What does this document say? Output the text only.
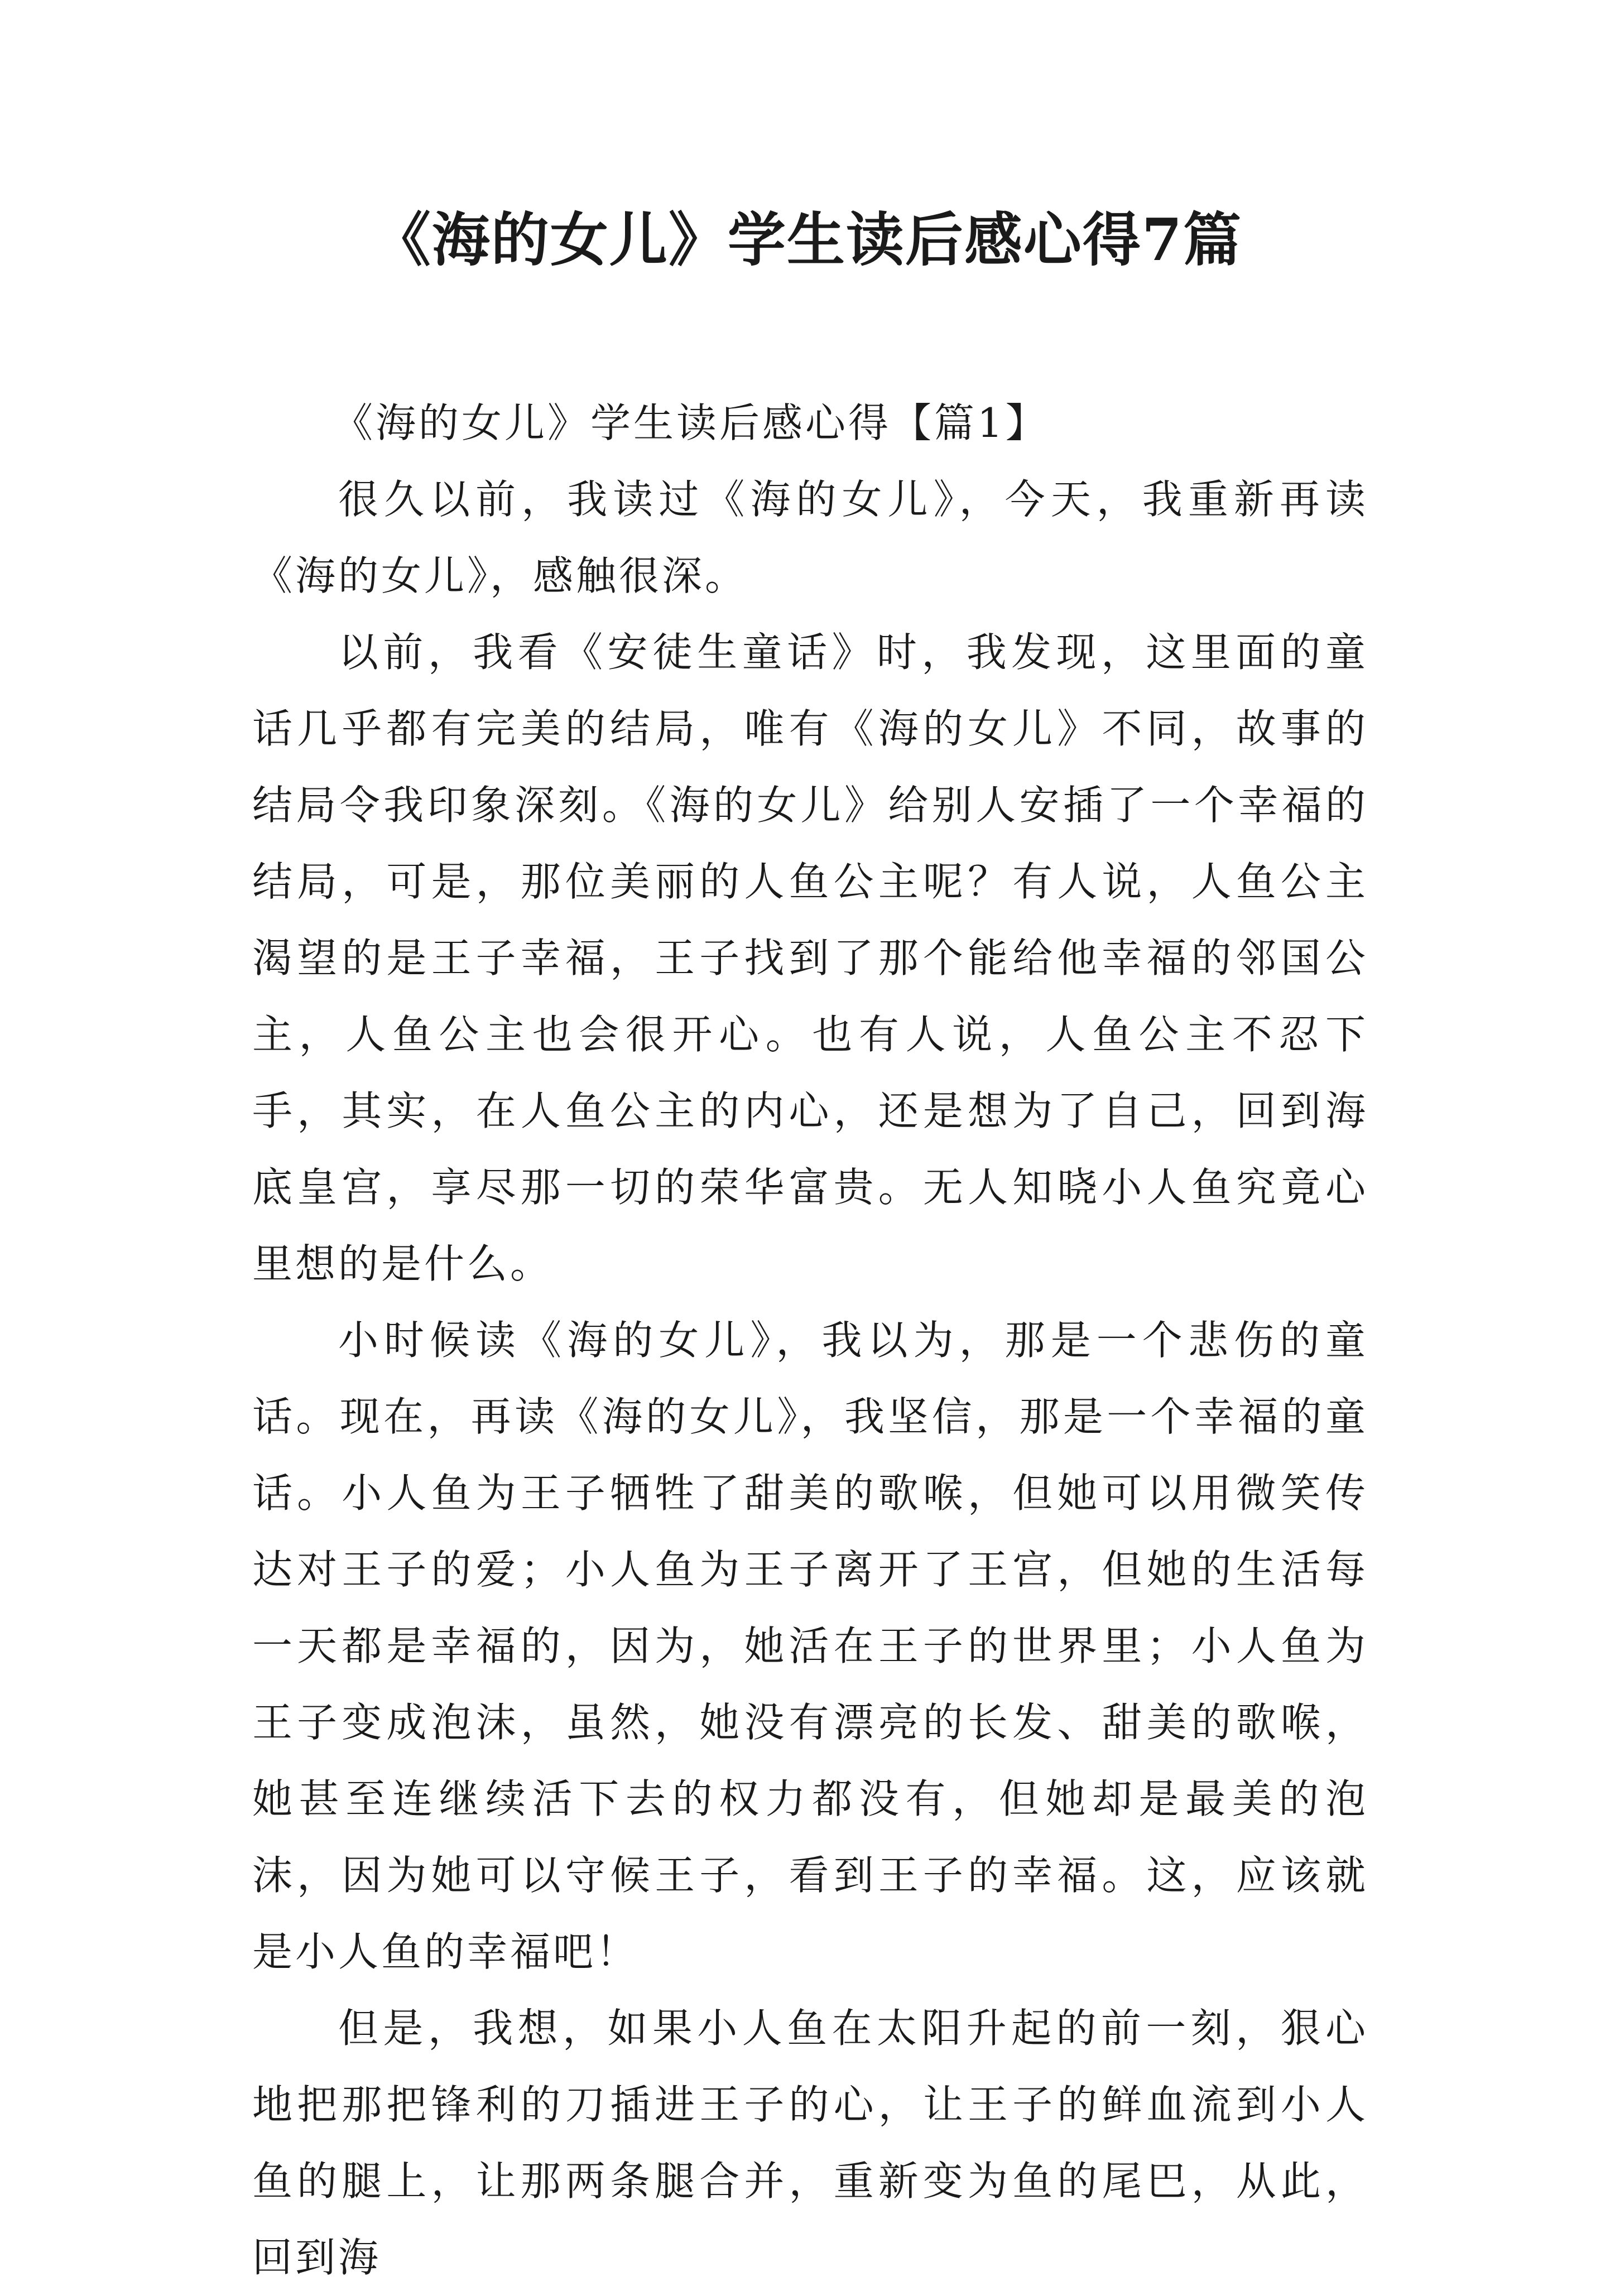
《海的女儿》学生读后感心得7篇
《海的女儿》学生读后感心得【篇1】

很久以前，我读过《海的女儿》，今天，我重新再读《海的女儿》，感触很深。

以前，我看《安徒生童话》时，我发现，这里面的童话几乎都有完美的结局，唯有《海的女儿》不同，故事的结局令我印象深刻。《海的女儿》给别人安插了一个幸福的结局，可是，那位美丽的人鱼公主呢？有人说，人鱼公主渴望的是王子幸福，王子找到了那个能给他幸福的邻国公主，人鱼公主也会很开心。也有人说，人鱼公主不忍下手，其实，在人鱼公主的内心，还是想为了自己，回到海底皇宫，享尽那一切的荣华富贵。无人知晓小人鱼究竟心里想的是什么。

小时候读《海的女儿》，我以为，那是一个悲伤的童话。现在，再读《海的女儿》，我坚信，那是一个幸福的童话。小人鱼为王子牺牲了甜美的歌喉，但她可以用微笑传达对王子的爱；小人鱼为王子离开了王宫，但她的生活每一天都是幸福的，因为，她活在王子的世界里；小人鱼为王子变成泡沫，虽然，她没有漂亮的长发、甜美的歌喉，她甚至连继续活下去的权力都没有，但她却是最美的泡沫，因为她可以守候王子，看到王子的幸福。这，应该就是小人鱼的幸福吧！

但是，我想，如果小人鱼在太阳升起的前一刻，狠心地把那把锋利的刀插进王子的心，让王子的鲜血流到小人鱼的腿上，让那两条腿合并，重新变为鱼的尾巴，从此，回到海
